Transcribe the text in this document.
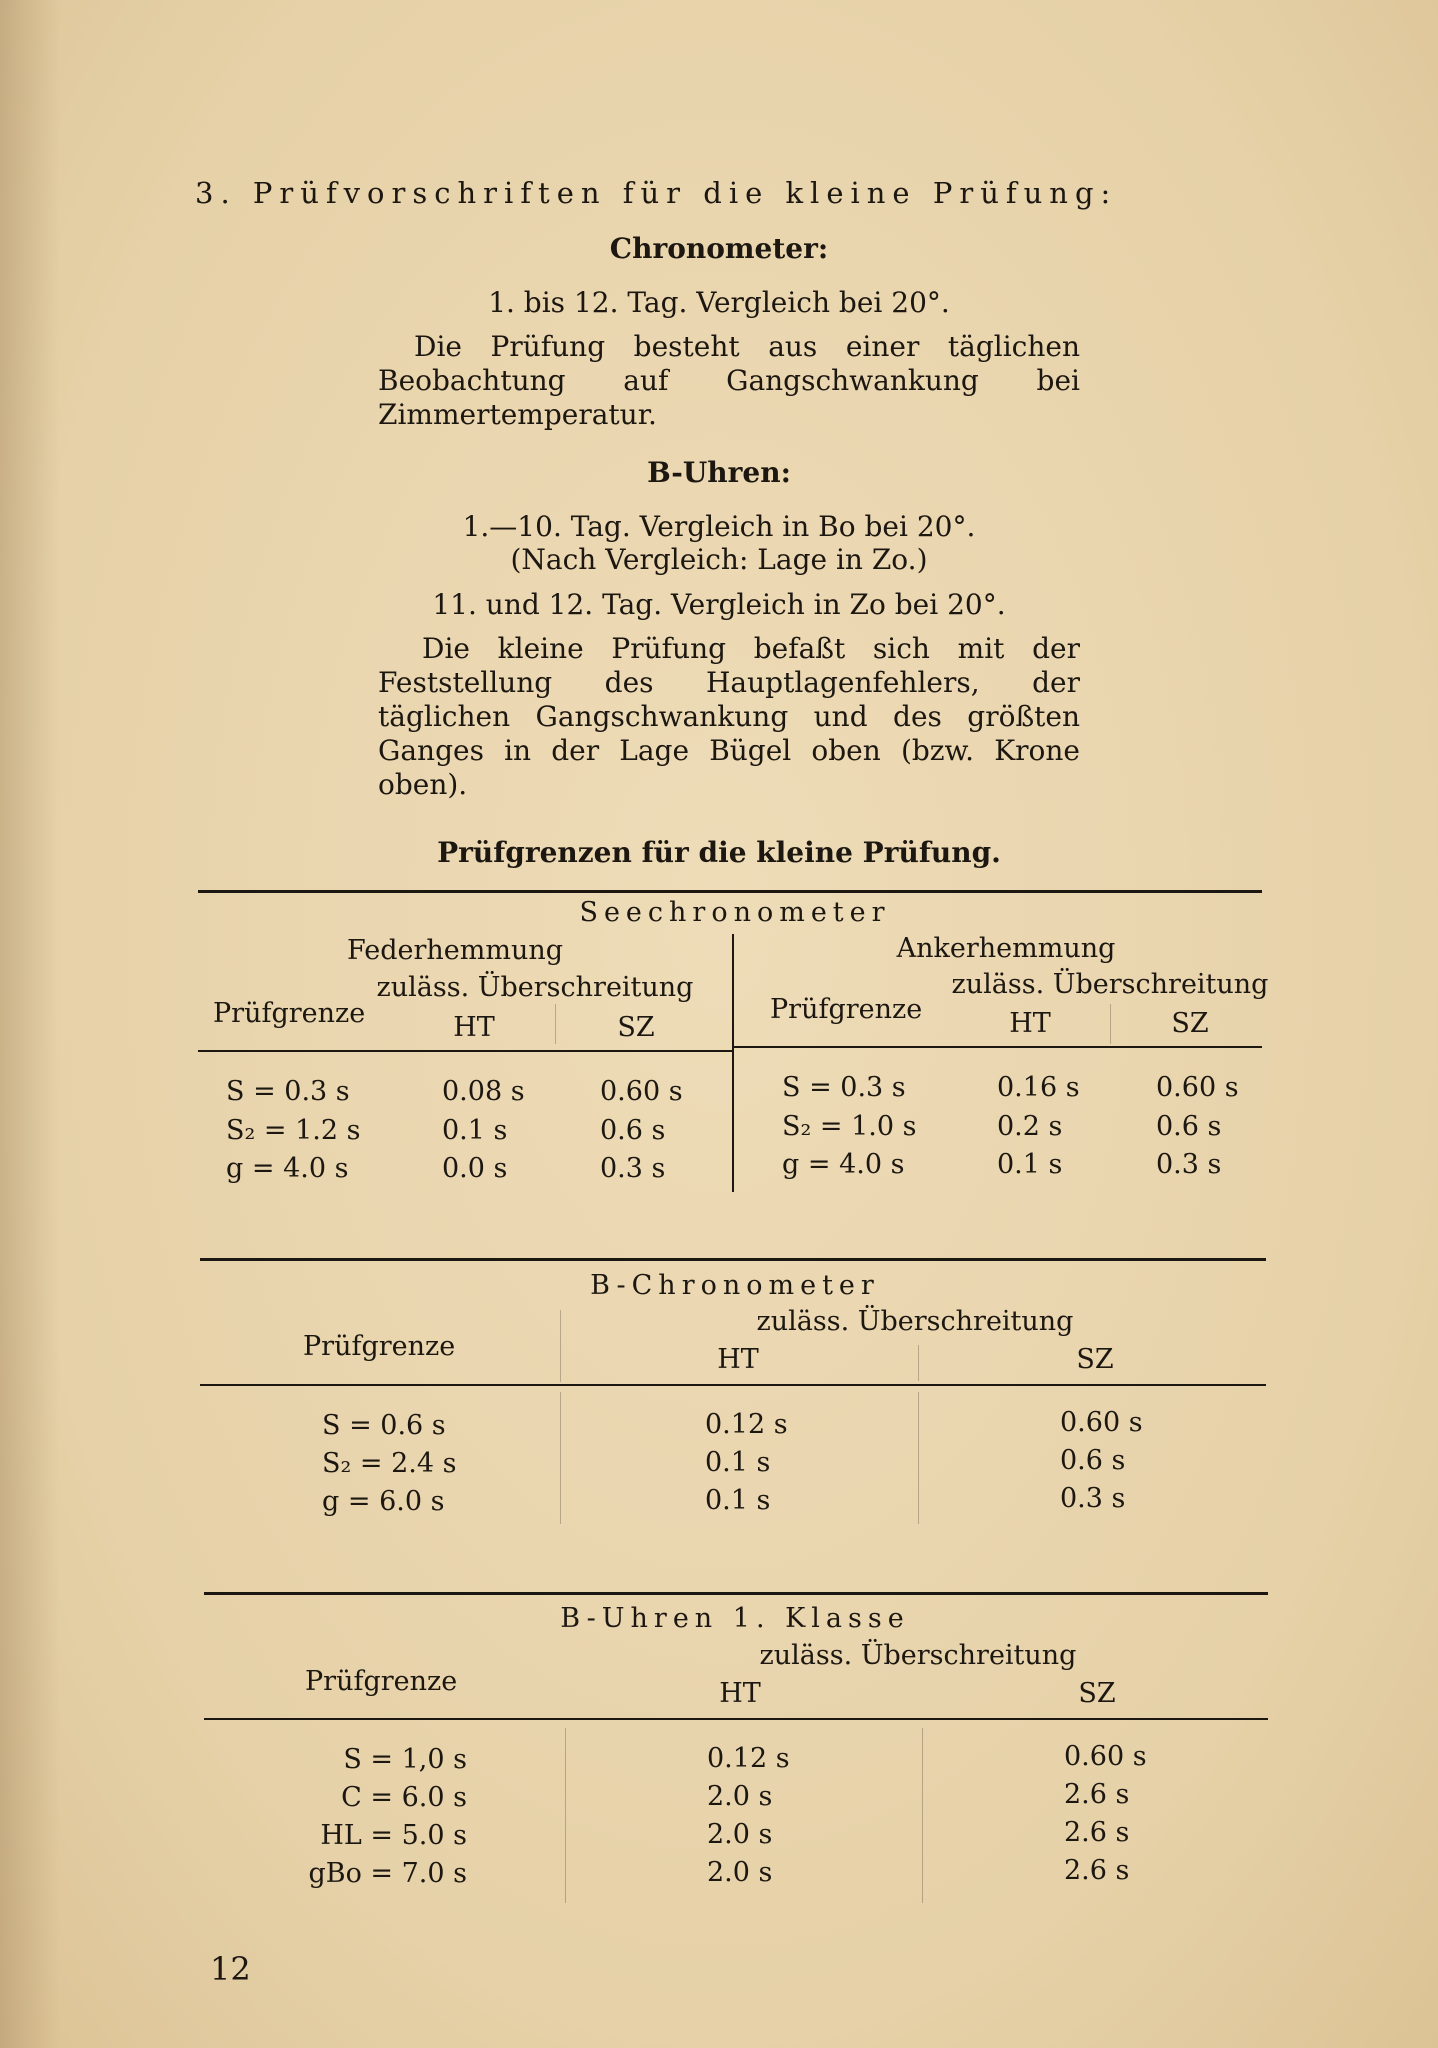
3. Prüfvorschriften für die kleine Prüfung:
Chronometer:
1. bis 12. Tag. Vergleich bei 20°.
Die Prüfung besteht aus einer täglichen Beobachtung auf Gangschwankung bei Zimmertemperatur.
B-Uhren:
1.—10. Tag. Vergleich in Bo bei 20°.
(Nach Vergleich: Lage in Zo.)
11. und 12. Tag. Vergleich in Zo bei 20°.
Die kleine Prüfung befaßt sich mit der Feststellung des Hauptlagenfehlers, der täglichen Gangschwankung und des größten Ganges in der Lage Bügel oben (bzw. Krone oben).
Prüfgrenzen für die kleine Prüfung.
Seechronometer
Federhemmung	Ankerhemmung
zuläss. Überschreitung	zuläss. Überschreitung
Prüfgrenze	HT	SZ
Prüfgrenze	HT	SZ
S = 0.3 s	0.08 s	0.60 s
S₂ = 1.2 s	0.1 s	0.6 s
g = 4.0 s	0.0 s	0.3 s
S = 0.3 s	0.16 s	0.60 s
S₂ = 1.0 s	0.2 s	0.6 s
g = 4.0 s	0.1 s	0.3 s
B-Chronometer
zuläss. Überschreitung
Prüfgrenze	HT	SZ
S = 0.6 s	0.12 s	0.60 s
S₂ = 2.4 s	0.1 s	0.6 s
g = 6.0 s	0.1 s	0.3 s
B-Uhren 1. Klasse
zuläss. Überschreitung
Prüfgrenze	HT	SZ
S = 1,0 s	0.12 s	0.60 s
C = 6.0 s	2.0 s	2.6 s
HL = 5.0 s	2.0 s	2.6 s
gBo = 7.0 s	2.0 s	2.6 s
12
